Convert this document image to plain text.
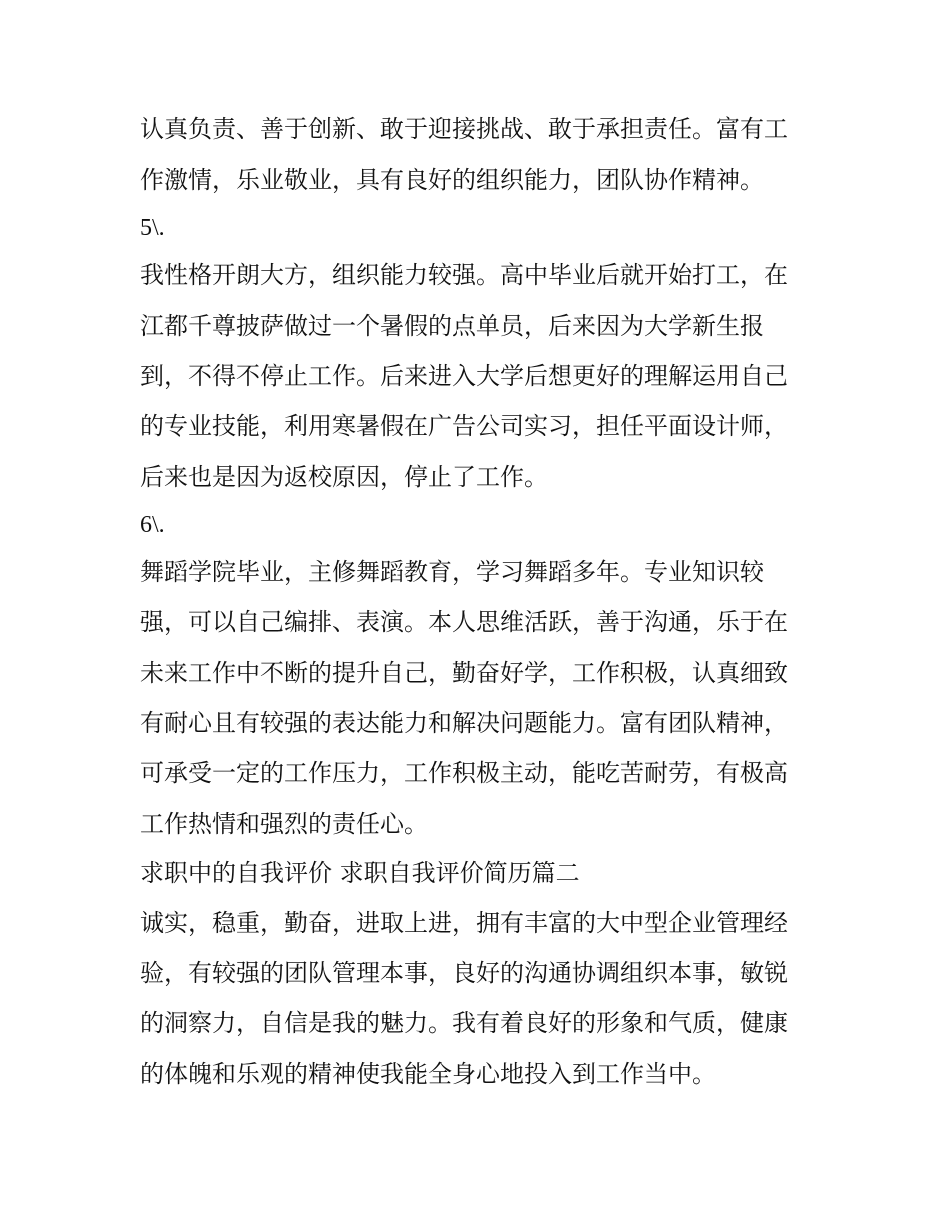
认真负责、善于创新、敢于迎接挑战、敢于承担责任。富有工
作激情，乐业敬业，具有良好的组织能力，团队协作精神。
5\.
我性格开朗大方，组织能力较强。高中毕业后就开始打工，在
江都千尊披萨做过一个暑假的点单员，后来因为大学新生报
到，不得不停止工作。后来进入大学后想更好的理解运用自己
的专业技能，利用寒暑假在广告公司实习，担任平面设计师，
后来也是因为返校原因，停止了工作。
6\.
舞蹈学院毕业，主修舞蹈教育，学习舞蹈多年。专业知识较
强，可以自己编排、表演。本人思维活跃，善于沟通，乐于在
未来工作中不断的提升自己，勤奋好学，工作积极，认真细致
有耐心且有较强的表达能力和解决问题能力。富有团队精神，
可承受一定的工作压力，工作积极主动，能吃苦耐劳，有极高
工作热情和强烈的责任心。
求职中的自我评价 求职自我评价简历篇二
诚实，稳重，勤奋，进取上进，拥有丰富的大中型企业管理经
验，有较强的团队管理本事，良好的沟通协调组织本事，敏锐
的洞察力，自信是我的魅力。我有着良好的形象和气质，健康
的体魄和乐观的精神使我能全身心地投入到工作当中。
